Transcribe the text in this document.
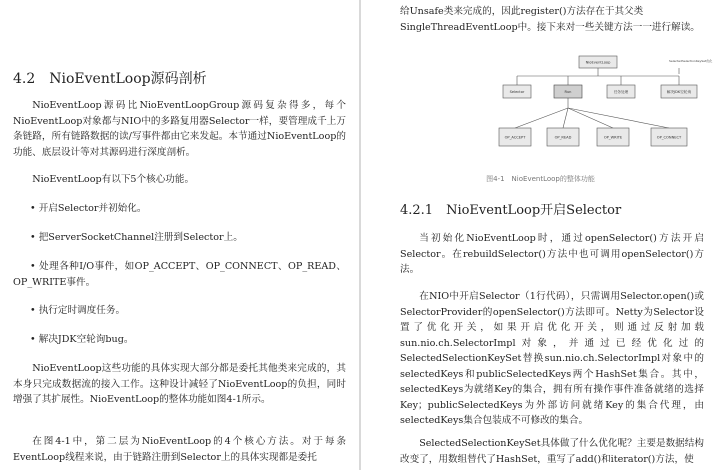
4.2　NioEventLoop源码剖析

NioEventLoop源码比NioEventLoopGroup源码复杂得多，每个NioEventLoop对象都与NIO中的多路复用器Selector一样，要管理成千上万条链路，所有链路数据的读/写事件都由它来发起。本节通过NioEventLoop的功能、底层设计等对其源码进行深度剖析。

NioEventLoop有以下5个核心功能。

• 开启Selector并初始化。
• 把ServerSocketChannel注册到Selector上。
• 处理各种I/O事件，如OP_ACCEPT、OP_CONNECT、OP_READ、OP_WRITE事件。
• 执行定时调度任务。
• 解决JDK空轮询bug。

NioEventLoop这些功能的具体实现大部分都是委托其他类来完成的，其本身只完成数据流的接入工作。这种设计减轻了NioEventLoop的负担，同时增强了其扩展性。NioEventLoop的整体功能如图4-1所示。

在图4-1中，第二层为NioEventLoop的4个核心方法。对于每条EventLoop线程来说，由于链路注册到Selector上的具体实现都是委托

给Unsafe类来完成的，因此register()方法存在于其父类

SingleThreadEventLoop中。接下来对一些关键方法一一进行解读。

NioEventLoop	SelectedSelectionKeySet优化
Selector	Run	任务处理	解决JDK空轮询
OP_ACCEPT	OP_READ	OP_WRITE	OP_CONNECT
图4-1　NioEventLoop的整体功能
4.2.1　NioEventLoop开启Selector

当初始化NioEventLoop时，通过openSelector()方法开启Selector。在rebuildSelector()方法中也可调用openSelector()方法。

在NIO中开启Selector（1行代码），只需调用Selector.open()或SelectorProvider的openSelector()方法即可。Netty为Selector设置了优化开关，如果开启优化开关，则通过反射加载sun.nio.ch.SelectorImpl对象，并通过已经优化过的SelectedSelectionKeySet替换sun.nio.ch.SelectorImpl对象中的selectedKeys和publicSelectedKeys两个HashSet集合。其中，selectedKeys为就绪Key的集合，拥有所有操作事件准备就绪的选择Key；publicSelectedKeys为外部访问就绪Key的集合代理，由selectedKeys集合包装成不可修改的集合。

SelectedSelectionKeySet具体做了什么优化呢？主要是数据结构改变了，用数组替代了HashSet，重写了add()和iterator()方法，使
